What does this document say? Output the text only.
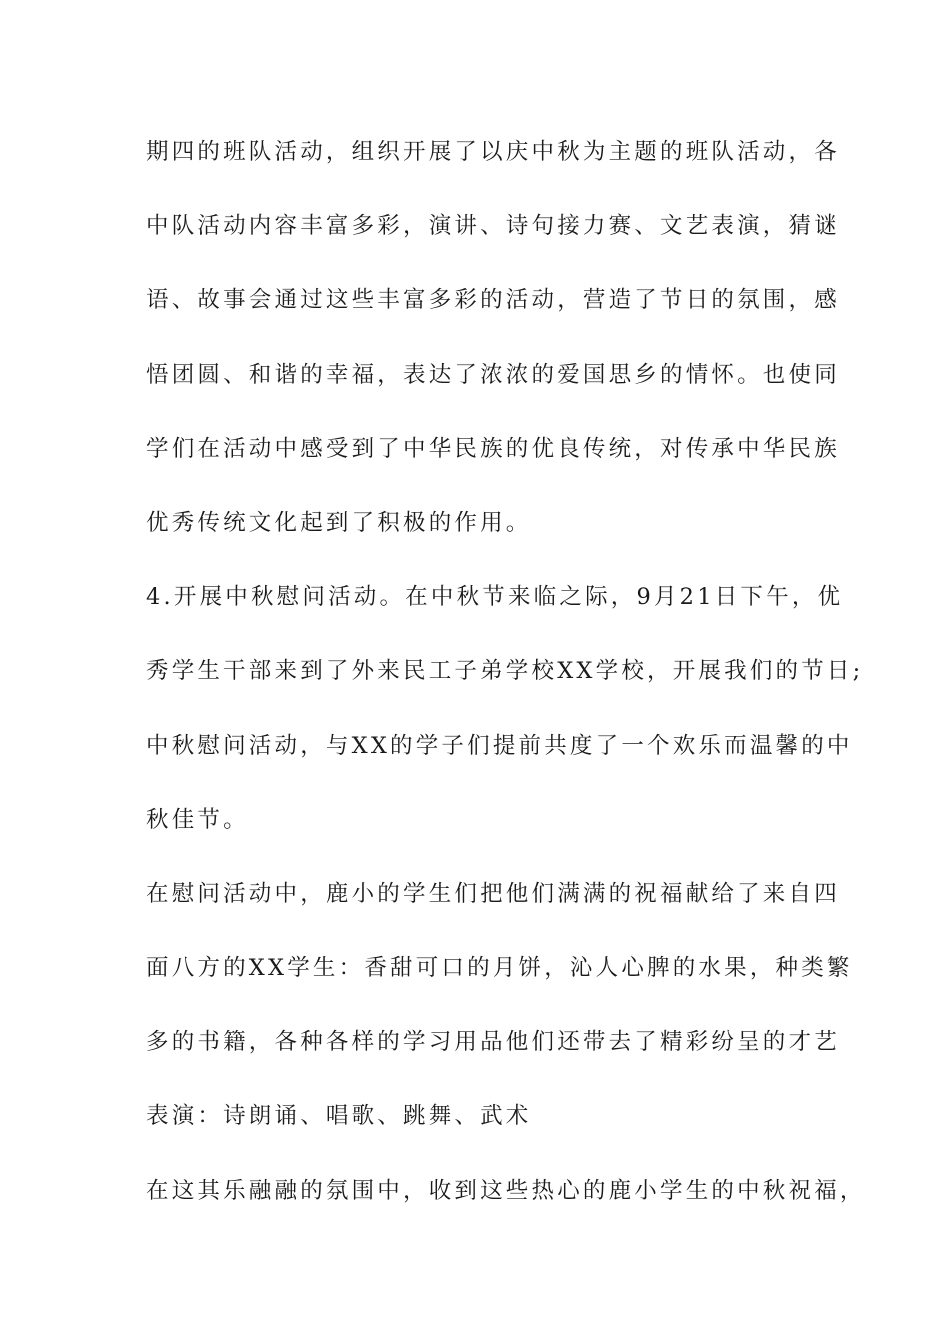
期四的班队活动，组织开展了以庆中秋为主题的班队活动，各

中队活动内容丰富多彩，演讲、诗句接力赛、文艺表演，猜谜

语、故事会通过这些丰富多彩的活动，营造了节日的氛围，感

悟团圆、和谐的幸福，表达了浓浓的爱国思乡的情怀。也使同

学们在活动中感受到了中华民族的优良传统，对传承中华民族

优秀传统文化起到了积极的作用。

4.开展中秋慰问活动。在中秋节来临之际，9月21日下午，优

秀学生干部来到了外来民工子弟学校XX学校，开展我们的节日;

中秋慰问活动，与XX的学子们提前共度了一个欢乐而温馨的中

秋佳节。

在慰问活动中，鹿小的学生们把他们满满的祝福献给了来自四

面八方的XX学生：香甜可口的月饼，沁人心脾的水果，种类繁

多的书籍，各种各样的学习用品他们还带去了精彩纷呈的才艺

表演：诗朗诵、唱歌、跳舞、武术

在这其乐融融的氛围中，收到这些热心的鹿小学生的中秋祝福，
